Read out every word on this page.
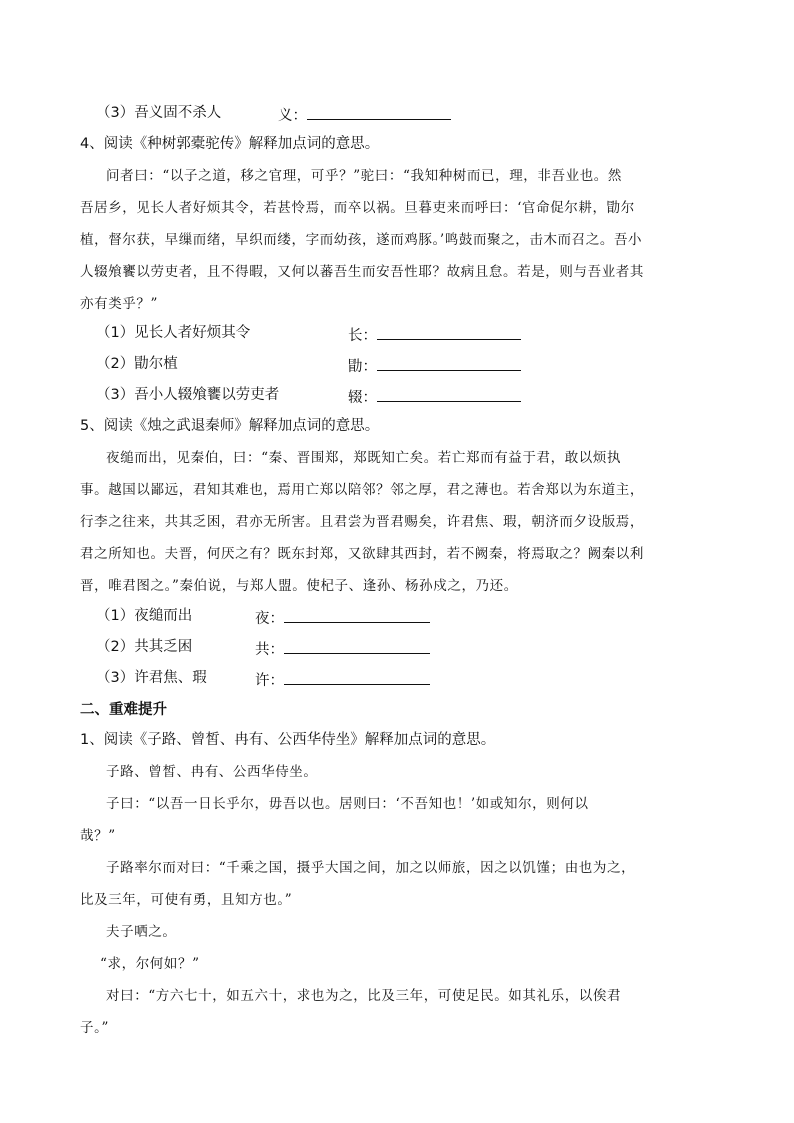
（3）吾义固不杀人	义：
4、阅读《种树郭橐驼传》解释加点词的意思。
问者曰：“以子之道，移之官理，可乎？”驼曰：“我知种树而已，理，非吾业也。然
吾居乡，见长人者好烦其令，若甚怜焉，而卒以祸。旦暮吏来而呼曰：‘官命促尔耕，勖尔
植，督尔获，早缫而绪，早织而缕，字而幼孩，遂而鸡豚。’鸣鼓而聚之，击木而召之。吾小
人辍飧饔以劳吏者，且不得暇，又何以蕃吾生而安吾性耶？故病且怠。若是，则与吾业者其
亦有类乎？”
（1）见长人者好烦其令	长：
（2）勖尔植	勖：
（3）吾小人辍飧饔以劳吏者	辍：
5、阅读《烛之武退秦师》解释加点词的意思。
夜缒而出，见秦伯，曰：“秦、晋围郑，郑既知亡矣。若亡郑而有益于君，敢以烦执
事。越国以鄙远，君知其难也，焉用亡郑以陪邻？邻之厚，君之薄也。若舍郑以为东道主，
行李之往来，共其乏困，君亦无所害。且君尝为晋君赐矣，许君焦、瑕，朝济而夕设版焉，
君之所知也。夫晋，何厌之有？既东封郑，又欲肆其西封，若不阙秦，将焉取之？阙秦以利
晋，唯君图之。”秦伯说，与郑人盟。使杞子、逢孙、杨孙戍之，乃还。
（1）夜缒而出	夜：
（2）共其乏困	共：
（3）许君焦、瑕	许：
二、重难提升
1、阅读《子路、曾皙、冉有、公西华侍坐》解释加点词的意思。
子路、曾皙、冉有、公西华侍坐。
子曰：“以吾一日长乎尔，毋吾以也。居则曰：‘不吾知也！’如或知尔，则何以
哉？”
子路率尔而对曰：“千乘之国，摄乎大国之间，加之以师旅，因之以饥馑；由也为之，
比及三年，可使有勇，且知方也。”
夫子哂之。
“求，尔何如？”
对曰：“方六七十，如五六十，求也为之，比及三年，可使足民。如其礼乐，以俟君
子。”
